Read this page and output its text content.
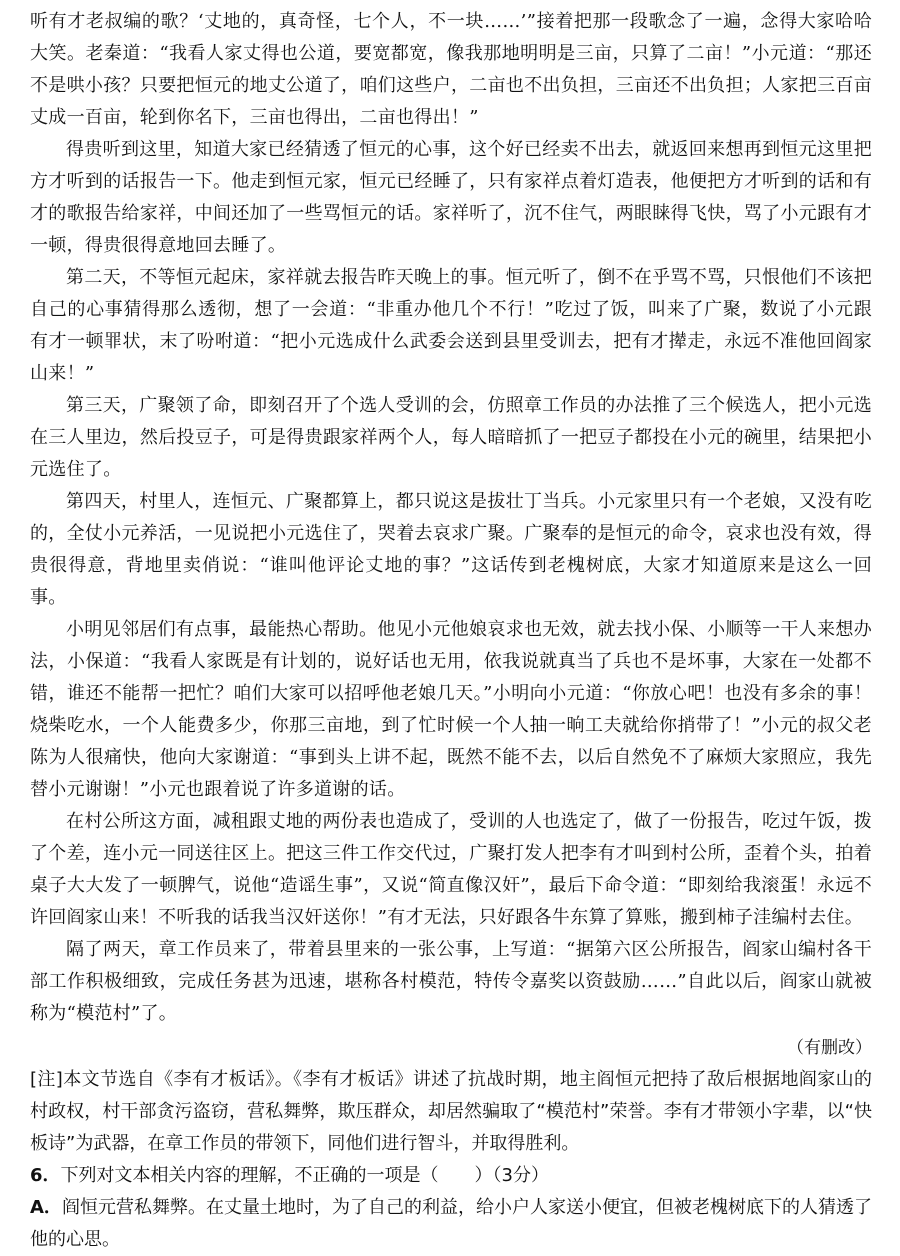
听有才老叔编的歌？‘丈地的，真奇怪，七个人，不一块……’”接着把那一段歌念了一遍，念得大家哈哈大笑。老秦道：“我看人家丈得也公道，要宽都宽，像我那地明明是三亩，只算了二亩！”小元道：“那还不是哄小孩？只要把恒元的地丈公道了，咱们这些户，二亩也不出负担，三亩还不出负担；人家把三百亩丈成一百亩，轮到你名下，三亩也得出，二亩也得出！”

得贵听到这里，知道大家已经猜透了恒元的心事，这个好已经卖不出去，就返回来想再到恒元这里把方才听到的话报告一下。他走到恒元家，恒元已经睡了，只有家祥点着灯造表，他便把方才听到的话和有才的歌报告给家祥，中间还加了一些骂恒元的话。家祥听了，沉不住气，两眼睐得飞快，骂了小元跟有才一顿，得贵很得意地回去睡了。

第二天，不等恒元起床，家祥就去报告昨天晚上的事。恒元听了，倒不在乎骂不骂，只恨他们不该把自己的心事猜得那么透彻，想了一会道：“非重办他几个不行！”吃过了饭，叫来了广聚，数说了小元跟有才一顿罪状，末了吩咐道：“把小元选成什么武委会送到县里受训去，把有才撵走，永远不准他回阎家山来！”

第三天，广聚领了命，即刻召开了个选人受训的会，仿照章工作员的办法推了三个候选人，把小元选在三人里边，然后投豆子，可是得贵跟家祥两个人，每人暗暗抓了一把豆子都投在小元的碗里，结果把小元选住了。

第四天，村里人，连恒元、广聚都算上，都只说这是拔壮丁当兵。小元家里只有一个老娘，又没有吃的，全仗小元养活，一见说把小元选住了，哭着去哀求广聚。广聚奉的是恒元的命令，哀求也没有效，得贵很得意，背地里卖俏说：“谁叫他评论丈地的事？”这话传到老槐树底，大家才知道原来是这么一回事。

小明见邻居们有点事，最能热心帮助。他见小元他娘哀求也无效，就去找小保、小顺等一干人来想办法，小保道：“我看人家既是有计划的，说好话也无用，依我说就真当了兵也不是坏事，大家在一处都不错，谁还不能帮一把忙？咱们大家可以招呼他老娘几天。”小明向小元道：“你放心吧！也没有多余的事！烧柴吃水，一个人能费多少，你那三亩地，到了忙时候一个人抽一晌工夫就给你捎带了！”小元的叔父老陈为人很痛快，他向大家谢道：“事到头上讲不起，既然不能不去，以后自然免不了麻烦大家照应，我先替小元谢谢！”小元也跟着说了许多道谢的话。

在村公所这方面，减租跟丈地的两份表也造成了，受训的人也选定了，做了一份报告，吃过午饭，拨了个差，连小元一同送往区上。把这三件工作交代过，广聚打发人把李有才叫到村公所，歪着个头，拍着桌子大大发了一顿脾气，说他“造谣生事”，又说“简直像汉奸”，最后下命令道：“即刻给我滚蛋！永远不许回阎家山来！不听我的话我当汉奸送你！”有才无法，只好跟各牛东算了算账，搬到柿子洼编村去住。

隔了两天，章工作员来了，带着县里来的一张公事，上写道：“据第六区公所报告，阎家山编村各干部工作积极细致，完成任务甚为迅速，堪称各村模范，特传令嘉奖以资鼓励……”自此以后，阎家山就被称为“模范村”了。

（有删改）

[注]本文节选自《李有才板话》。《李有才板话》讲述了抗战时期，地主阎恒元把持了敌后根据地阎家山的村政权，村干部贪污盗窃，营私舞弊，欺压群众，却居然骗取了“模范村”荣誉。李有才带领小字辈，以“快板诗”为武器，在章工作员的带领下，同他们进行智斗，并取得胜利。

6．下列对文本相关内容的理解，不正确的一项是（　　）（3分）

A．阎恒元营私舞弊。在丈量土地时，为了自己的利益，给小户人家送小便宜，但被老槐树底下的人猜透了他的心思。
